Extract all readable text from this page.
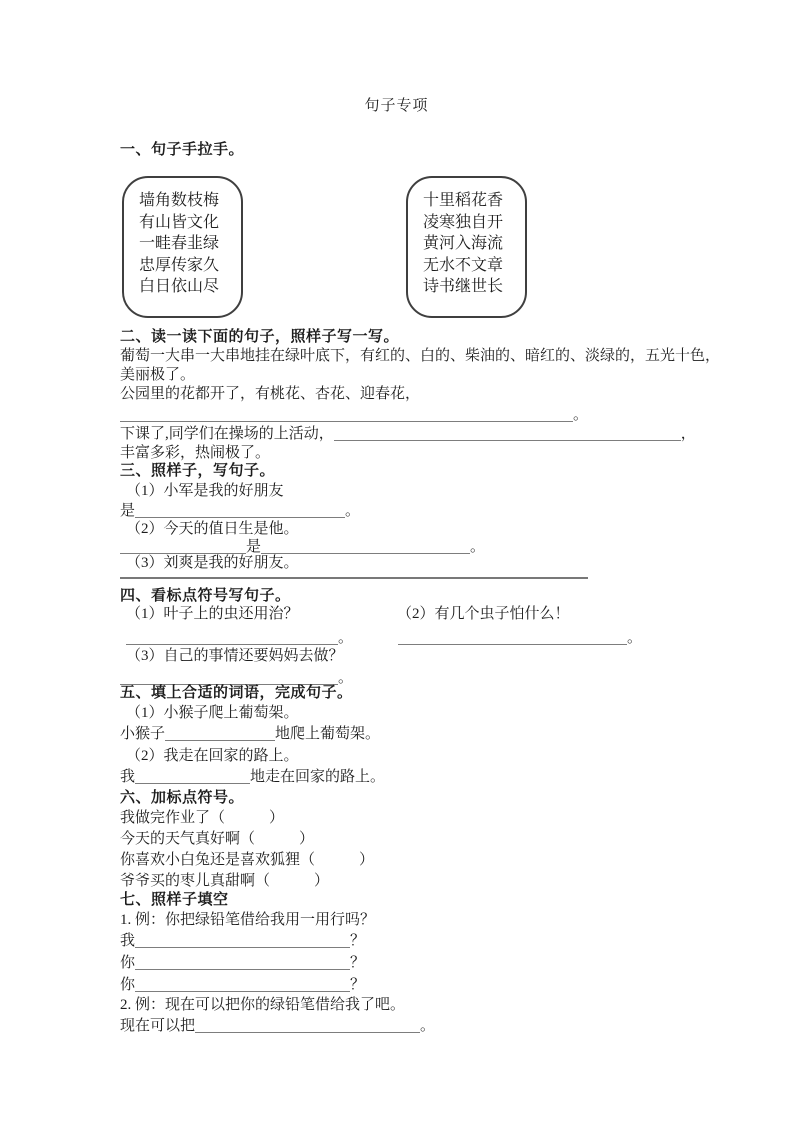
句子专项
一、句子手拉手。
墙角数枝梅
有山皆文化
一畦春韭绿
忠厚传家久
白日依山尽
十里稻花香
凌寒独自开
黄河入海流
无水不文章
诗书继世长
二、读一读下面的句子，照样子写一写。
葡萄一大串一大串地挂在绿叶底下，有红的、白的、柴油的、暗红的、淡绿的，五光十色，
美丽极了。
公园里的花都开了，有桃花、杏花、迎春花，
。
下课了,同学们在操场的上活动，	，
丰富多彩，热闹极了。
三、照样子，写句子。
（1）小军是我的好朋友
是	。
（2）今天的值日生是他。
是	。
（3）刘爽是我的好朋友。
四、看标点符号写句子。
（1）叶子上的虫还用治？	（2）有几个虫子怕什么！
。	。
（3）自己的事情还要妈妈去做？
。
五、填上合适的词语，完成句子。
（1）小猴子爬上葡萄架。
小猴子	地爬上葡萄架。
（2）我走在回家的路上。
我	地走在回家的路上。
六、加标点符号。
我做完作业了（	）
今天的天气真好啊（	）
你喜欢小白兔还是喜欢狐狸（	）
爷爷买的枣儿真甜啊（	）
七、照样子填空
1. 例：你把绿铅笔借给我用一用行吗？
我	？
你	？
你	？
2. 例：现在可以把你的绿铅笔借给我了吧。
现在可以把	。
